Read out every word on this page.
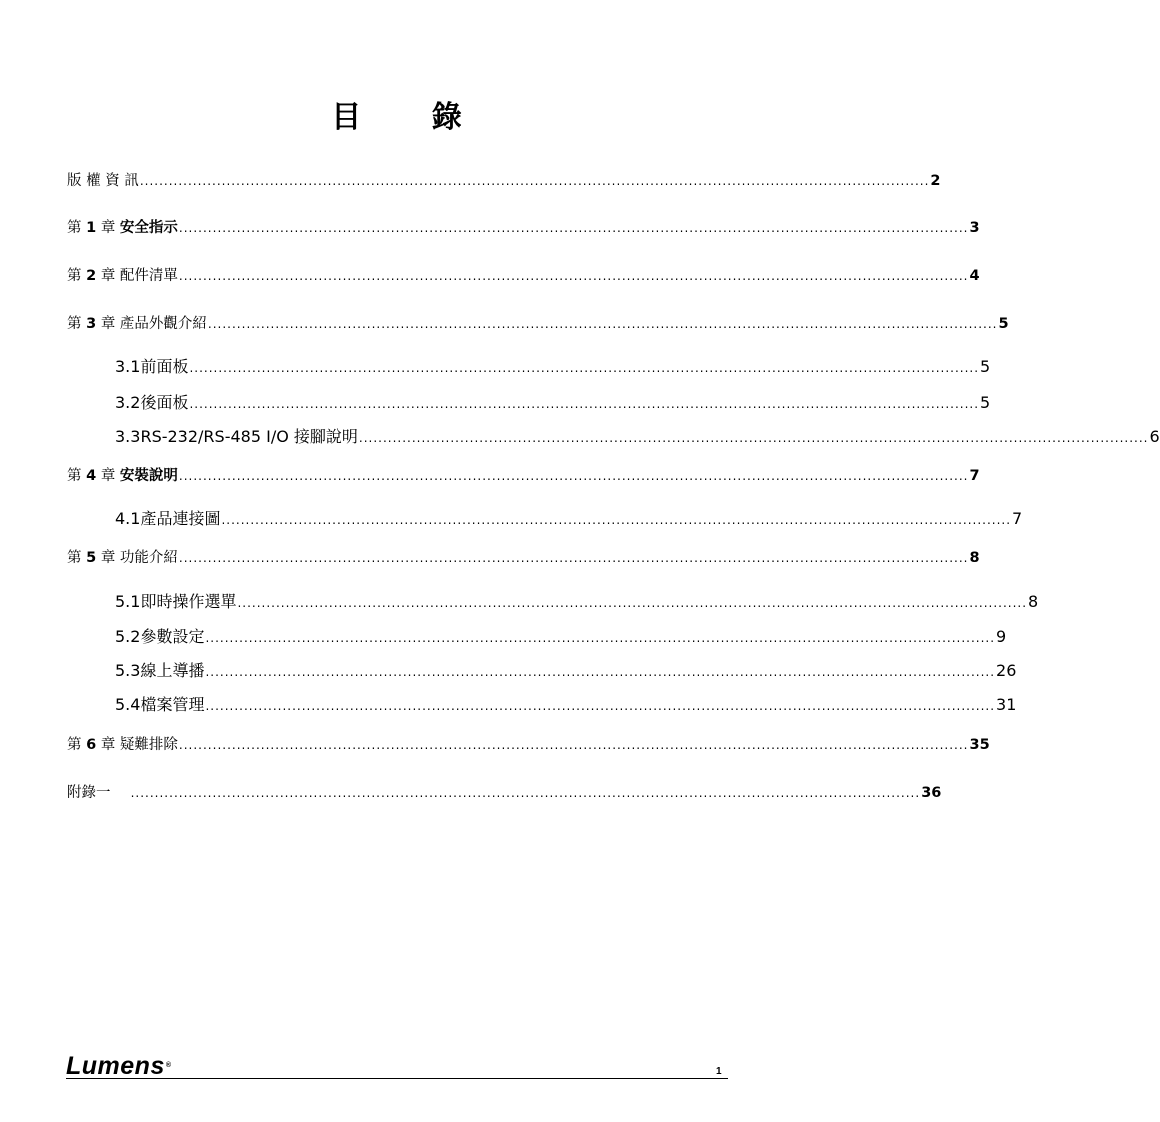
目 錄
版 權 資 訊 .................................................................................................................................................................... 2
第 1 章 安全指示 .................................................................................................................................................................... 3
第 2 章 配件清單 .................................................................................................................................................................... 4
第 3 章 產品外觀介紹 .................................................................................................................................................................... 5
3.1前面板 .................................................................................................................................................................... 5
3.2後面板 .................................................................................................................................................................... 5
3.3RS-232/RS-485 I/O 接腳說明 .................................................................................................................................................................... 6
第 4 章 安裝說明 .................................................................................................................................................................... 7
4.1產品連接圖 .................................................................................................................................................................... 7
第 5 章 功能介紹 .................................................................................................................................................................... 8
5.1即時操作選單 .................................................................................................................................................................... 8
5.2參數設定 .................................................................................................................................................................... 9
5.3線上導播 .................................................................................................................................................................... 26
5.4檔案管理 .................................................................................................................................................................... 31
第 6 章 疑難排除 .................................................................................................................................................................... 35
附錄一　 .................................................................................................................................................................... 36
Lumens®
1
